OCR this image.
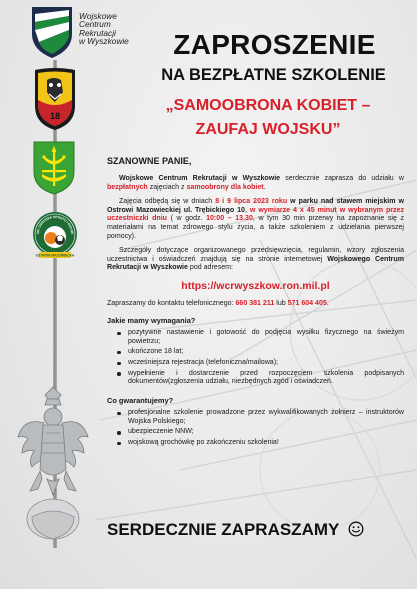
Wojskowe
Centrum
Rekrutacji
w Wyszkowie
18
SKI OŚRODEK SPORTU I REKRE
OSTRÓW MAZOWIECKA
ZAPROSZENIE
NA BEZPŁATNE SZKOLENIE
„SAMOOBRONA KOBIET –
ZAUFAJ WOJSKU”
SZANOWNE PANIE,

Wojskowe Centrum Rekrutacji w Wyszkowie serdecznie zaprasza do udziału w bezpłatnych zajęciach z samoobrony dla kobiet.

Zajęcia odbędą się w dniach 8 i 9 lipca 2023 roku w parku nad stawem miejskim w Ostrowi Mazowieckiej ul. Trębickiego 10, w wymiarze 4 x 45 minut w wybranym przez uczestniczki dniu ( w godz. 10:00 – 13.30, w tym 30 min przerwy na zapoznanie się z materiałami na temat zdrowego stylu życia, a także szkoleniem z udzielania pierwszej pomocy).

Szczegóły dotyczące organizowanego przedsięwzięcia, regulamin, wzory zgłoszenia uczestnictwa i oświadczeń znajdują się na stronie internetowej Wojskowego Centrum Rekrutacji w Wyszkowie pod adresem:

https://wcrwyszkow.ron.mil.pl

Zapraszamy do kontaktu telefonicznego: 660 381 211 lub 571 604 405.

Jakie mamy wymagania?
pozytywne nastawienie i gotowość do podjęcia wysiłku fizycznego na świeżym powietrzu;
ukończone 18 lat;
wcześniejsza rejestracja (telefoniczna/mailowa);
wypełnienie i dostarczenie przed rozpoczęciem szkolenia podpisanych dokumentów(zgłoszenia udziału, niezbędnych zgód i oświadczeń.
Co gwarantujemy?
profesjonalne szkolenie prowadzone przez wykwalifikowanych żołnierz – instruktorów Wojska Polskiego;
ubezpieczenie NNW;
wojskową grochówkę po zakończeniu szkolenia!
SERDECZNIE ZAPRASZAMY
